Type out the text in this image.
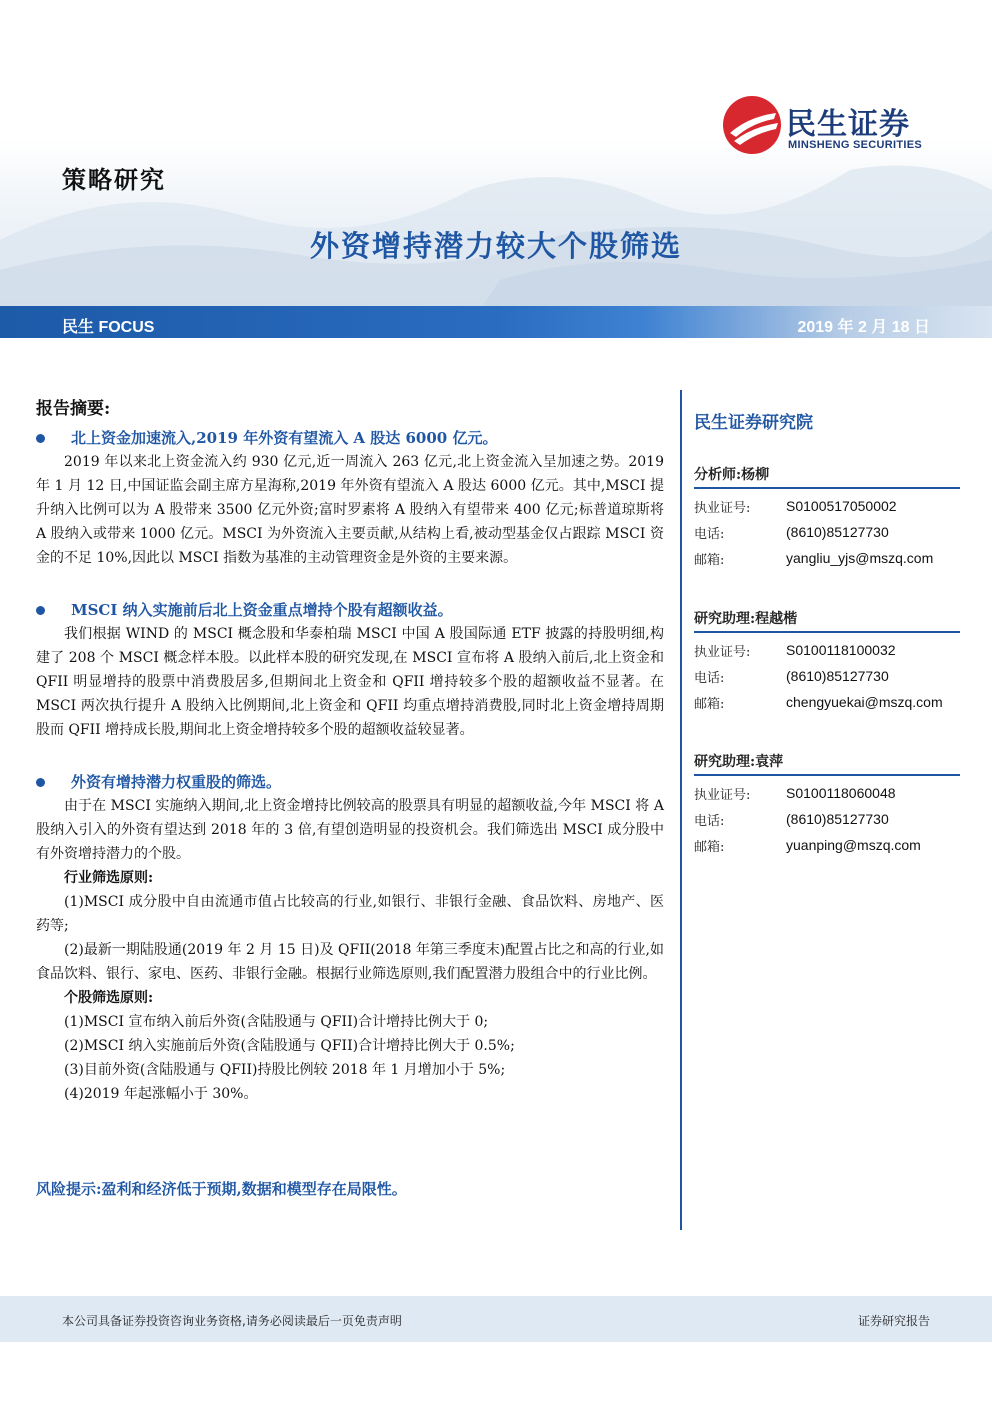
民生证券
MINSHENG SECURITIES
策略研究
外资增持潜力较大个股筛选
民生 FOCUS	2019 年 2 月 18 日
报告摘要:
北上资金加速流入,2019 年外资有望流入 A 股达 6000 亿元。

2019 年以来北上资金流入约 930 亿元,近一周流入 263 亿元,北上资金流入呈加速之势。2019 年 1 月 12 日,中国证监会副主席方星海称,2019 年外资有望流入 A 股达 6000 亿元。其中,MSCI 提升纳入比例可以为 A 股带来 3500 亿元外资;富时罗素将 A 股纳入有望带来 400 亿元;标普道琼斯将 A 股纳入或带来 1000 亿元。MSCI 为外资流入主要贡献,从结构上看,被动型基金仅占跟踪 MSCI 资金的不足 10%,因此以 MSCI 指数为基准的主动管理资金是外资的主要来源。

MSCI 纳入实施前后北上资金重点增持个股有超额收益。

我们根据 WIND 的 MSCI 概念股和华泰柏瑞 MSCI 中国 A 股国际通 ETF 披露的持股明细,构建了 208 个 MSCI 概念样本股。以此样本股的研究发现,在 MSCI 宣布将 A 股纳入前后,北上资金和 QFII 明显增持的股票中消费股居多,但期间北上资金和 QFII 增持较多个股的超额收益不显著。在 MSCI 两次执行提升 A 股纳入比例期间,北上资金和 QFII 均重点增持消费股,同时北上资金增持周期股而 QFII 增持成长股,期间北上资金增持较多个股的超额收益较显著。

外资有增持潜力权重股的筛选。

由于在 MSCI 实施纳入期间,北上资金增持比例较高的股票具有明显的超额收益,今年 MSCI 将 A 股纳入引入的外资有望达到 2018 年的 3 倍,有望创造明显的投资机会。我们筛选出 MSCI 成分股中有外资增持潜力的个股。

行业筛选原则:

(1)MSCI 成分股中自由流通市值占比较高的行业,如银行、非银行金融、食品饮料、房地产、医药等;

(2)最新一期陆股通(2019 年 2 月 15 日)及 QFII(2018 年第三季度末)配置占比之和高的行业,如食品饮料、银行、家电、医药、非银行金融。根据行业筛选原则,我们配置潜力股组合中的行业比例。

个股筛选原则:

(1)MSCI 宣布纳入前后外资(含陆股通与 QFII)合计增持比例大于 0;

(2)MSCI 纳入实施前后外资(含陆股通与 QFII)合计增持比例大于 0.5%;

(3)目前外资(含陆股通与 QFII)持股比例较 2018 年 1 月增加小于 5%;

(4)2019 年起涨幅小于 30%。

风险提示:盈利和经济低于预期,数据和模型存在局限性。
民生证券研究院
分析师:杨柳
执业证号:	S0100517050002
电话:	(8610)85127730
邮箱:	yangliu_yjs@mszq.com
研究助理:程越楷
执业证号:	S0100118100032
电话:	(8610)85127730
邮箱:	chengyuekai@mszq.com
研究助理:袁萍
执业证号:	S0100118060048
电话:	(8610)85127730
邮箱:	yuanping@mszq.com
本公司具备证券投资咨询业务资格,请务必阅读最后一页免责声明	证券研究报告
